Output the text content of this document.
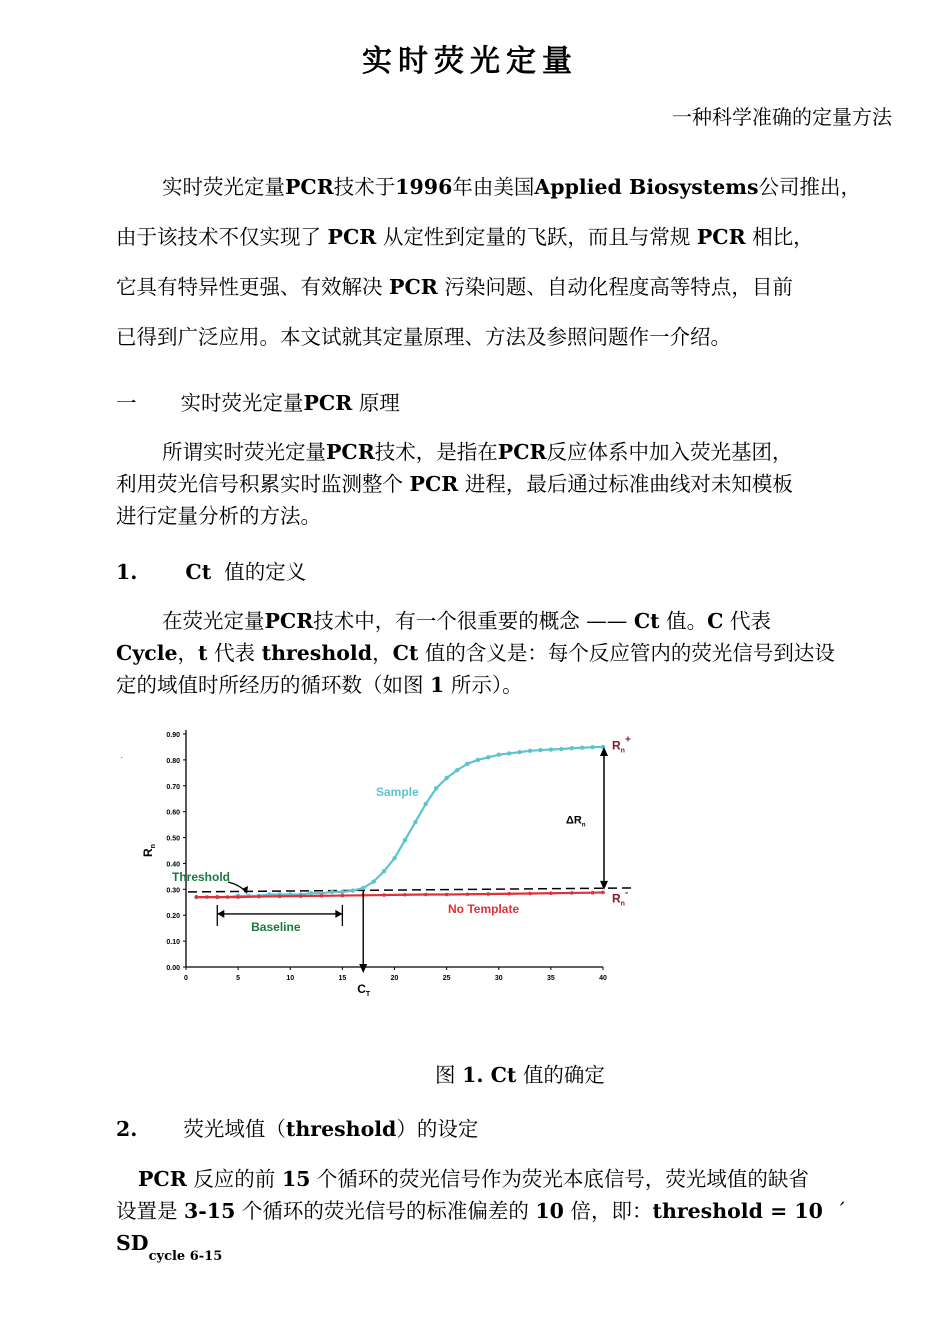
实时荧光定量
一种科学准确的定量方法
实时荧光定量PCR技术于1996年由美国Applied Biosystems公司推出，
由于该技术不仅实现了 PCR 从定性到定量的飞跃，而且与常规 PCR 相比，
它具有特异性更强、有效解决 PCR 污染问题、自动化程度高等特点，目前
已得到广泛应用。本文试就其定量原理、方法及参照问题作一介绍。
一 实时荧光定量PCR 原理
所谓实时荧光定量PCR技术，是指在PCR反应体系中加入荧光基团，
利用荧光信号积累实时监测整个 PCR 进程，最后通过标准曲线对未知模板
进行定量分析的方法。
1. Ct 值的定义
在荧光定量PCR技术中，有一个很重要的概念 —— Ct 值。C 代表
Cycle，t 代表 threshold，Ct 值的含义是：每个反应管内的荧光信号到达设
定的域值时所经历的循环数（如图 1 所示）。
0.00
0.10
0.20
0.30
0.40
0.50
0.60
0.70
0.80
0.90
0	5	10	15	20	25	30	35	40
$R_n$
·
Sample
No Template
Threshold
Baseline
$C_T$
$\Delta R_n$
$R_n^+$
$R_n^-$
图 1. Ct 值的确定
2. 荧光域值（threshold）的设定
PCR 反应的前 15 个循环的荧光信号作为荧光本底信号，荧光域值的缺省
设置是 3-15 个循环的荧光信号的标准偏差的 10 倍，即：threshold = 10 ´
$SD_{cycle 6-15}$
